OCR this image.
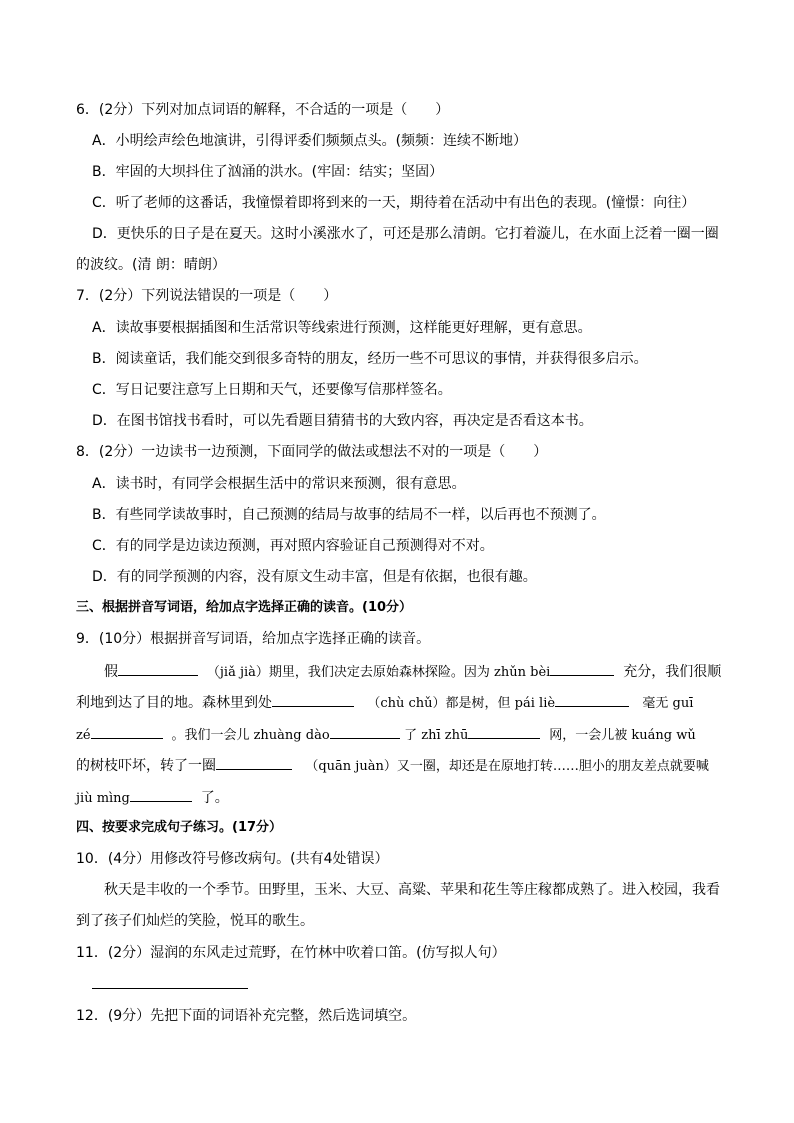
6．(2分）下列对加点词语的解释，不合适的一项是（　　）
A．小明绘声绘色地演讲，引得评委们频频点头。(频频：连续不断地）
B．牢固的大坝抖住了汹涌的洪水。(牢固：结实；坚固）
C．听了老师的这番话，我憧憬着即将到来的一天，期待着在活动中有出色的表现。(憧憬：向往）
D．更快乐的日子是在夏天。这时小溪涨水了，可还是那么清朗。它打着漩儿，在水面上泛着一圈一圈
的波纹。(清 朗：晴朗）
7．(2分）下列说法错误的一项是（　　）
A．读故事要根据插图和生活常识等线索进行预测，这样能更好理解，更有意思。
B．阅读童话，我们能交到很多奇特的朋友，经历一些不可思议的事情，并获得很多启示。
C．写日记要注意写上日期和天气，还要像写信那样签名。
D．在图书馆找书看时，可以先看题目猜猜书的大致内容，再决定是否看这本书。
8．(2分）一边读书一边预测，下面同学的做法或想法不对的一项是（　　）
A．读书时，有同学会根据生活中的常识来预测，很有意思。
B．有些同学读故事时，自己预测的结局与故事的结局不一样，以后再也不预测了。
C．有的同学是边读边预测，再对照内容验证自己预测得对不对。
D．有的同学预测的内容，没有原文生动丰富，但是有依据，也很有趣。
三、根据拼音写词语，给加点字选择正确的读音。(10分）
9．(10分）根据拼音写词语，给加点字选择正确的读音。
假	（jiǎ jià）期里，我们决定去原始森林探险。因为 zhǔn bèi	充分，我们很顺
利地到达了目的地。森林里到处	（chù chǔ）都是树，但 pái liè	毫无 guī
zé	。我们一会儿 zhuàng dào	了 zhī zhū	网，一会儿被 kuáng wǔ
的树枝吓坏，转了一圈	（quān juàn）又一圈，却还是在原地打转……胆小的朋友差点就要喊
jiù mìng	了。
四、按要求完成句子练习。(17分）
10．(4分）用修改符号修改病句。(共有4处错误）
秋天是丰收的一个季节。田野里，玉米、大豆、高粱、苹果和花生等庄稼都成熟了。进入校园，我看
到了孩子们灿烂的笑脸，悦耳的歌生。
11．(2分）湿润的东风走过荒野，在竹林中吹着口笛。(仿写拟人句）
12．(9分）先把下面的词语补充完整，然后选词填空。
